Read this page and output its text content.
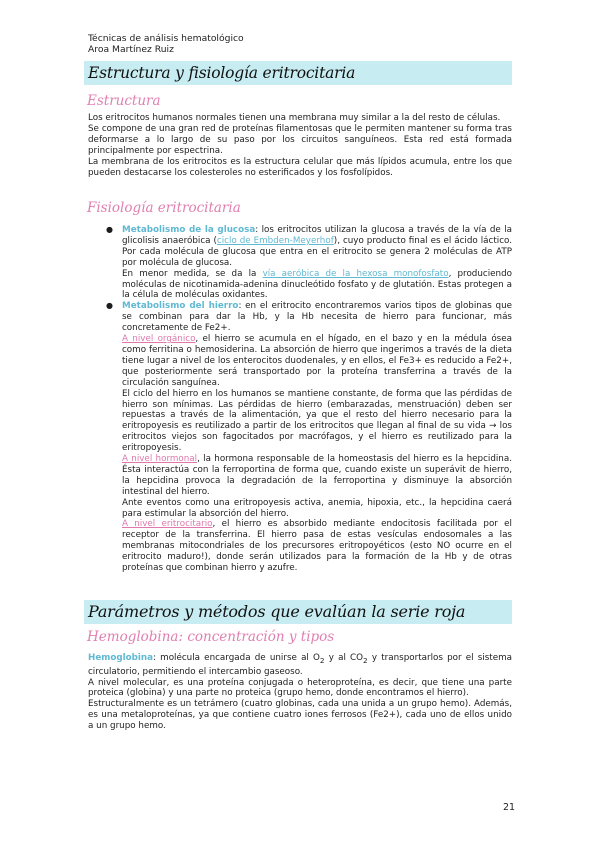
Técnicas de análisis hematológico
Aroa Martínez Ruiz
Estructura y fisiología eritrocitaria
Estructura

Los eritrocitos humanos normales tienen una membrana muy similar a la del resto de células.

Se compone de una gran red de proteínas filamentosas que le permiten mantener su forma tras deformarse a lo largo de su paso por los circuitos sanguíneos. Esta red está formada principalmente por espectrina.

La membrana de los eritrocitos es la estructura celular que más lípidos acumula, entre los que pueden destacarse los colesteroles no esterificados y los fosfolípidos.

Fisiología eritrocitaria
● Metabolismo de la glucosa: los eritrocitos utilizan la glucosa a través de la vía de la glicolisis anaeróbica (ciclo de Embden-Meyerhof), cuyo producto final es el ácido láctico. Por cada molécula de glucosa que entra en el eritrocito se genera 2 moléculas de ATP por molécula de glucosa.

En menor medida, se da la vía aeróbica de la hexosa monofosfato, produciendo moléculas de nicotinamida-adenina dinucleótido fosfato y de glutatión. Estas protegen a la célula de moléculas oxidantes.

● Metabolismo del hierro: en el eritrocito encontraremos varios tipos de globinas que se combinan para dar la Hb, y la Hb necesita de hierro para funcionar, más concretamente de Fe2+.

A nivel orgánico, el hierro se acumula en el hígado, en el bazo y en la médula ósea como ferritina o hemosiderina. La absorción de hierro que ingerimos a través de la dieta tiene lugar a nivel de los enterocitos duodenales, y en ellos, el Fe3+ es reducido a Fe2+, que posteriormente será transportado por la proteína transferrina a través de la circulación sanguínea.

El ciclo del hierro en los humanos se mantiene constante, de forma que las pérdidas de hierro son mínimas. Las pérdidas de hierro (embarazadas, menstruación) deben ser repuestas a través de la alimentación, ya que el resto del hierro necesario para la eritropoyesis es reutilizado a partir de los eritrocitos que llegan al final de su vida → los eritrocitos viejos son fagocitados por macrófagos, y el hierro es reutilizado para la eritropoyesis.

A nivel hormonal, la hormona responsable de la homeostasis del hierro es la hepcidina. Ésta interactúa con la ferroportina de forma que, cuando existe un superávit de hierro, la hepcidina provoca la degradación de la ferroportina y disminuye la absorción intestinal del hierro.

Ante eventos como una eritropoyesis activa, anemia, hipoxia, etc., la hepcidina caerá para estimular la absorción del hierro.

A nivel eritrocitario, el hierro es absorbido mediante endocitosis facilitada por el receptor de la transferrina. El hierro pasa de estas vesículas endosomales a las membranas mitocondriales de los precursores eritropoyéticos (esto NO ocurre en el eritrocito maduro!), donde serán utilizados para la formación de la Hb y de otras proteínas que combinan hierro y azufre.

Parámetros y métodos que evalúan la serie roja
Hemoglobina: concentración y tipos

Hemoglobina: molécula encargada de unirse al $O_2$ y al $CO_2$ y transportarlos por el sistema circulatorio, permitiendo el intercambio gaseoso.

A nivel molecular, es una proteína conjugada o heteroproteína, es decir, que tiene una parte proteica (globina) y una parte no proteica (grupo hemo, donde encontramos el hierro).

Estructuralmente es un tetrámero (cuatro globinas, cada una unida a un grupo hemo). Además, es una metaloproteínas, ya que contiene cuatro iones ferrosos (Fe2+), cada uno de ellos unido a un grupo hemo.

21
